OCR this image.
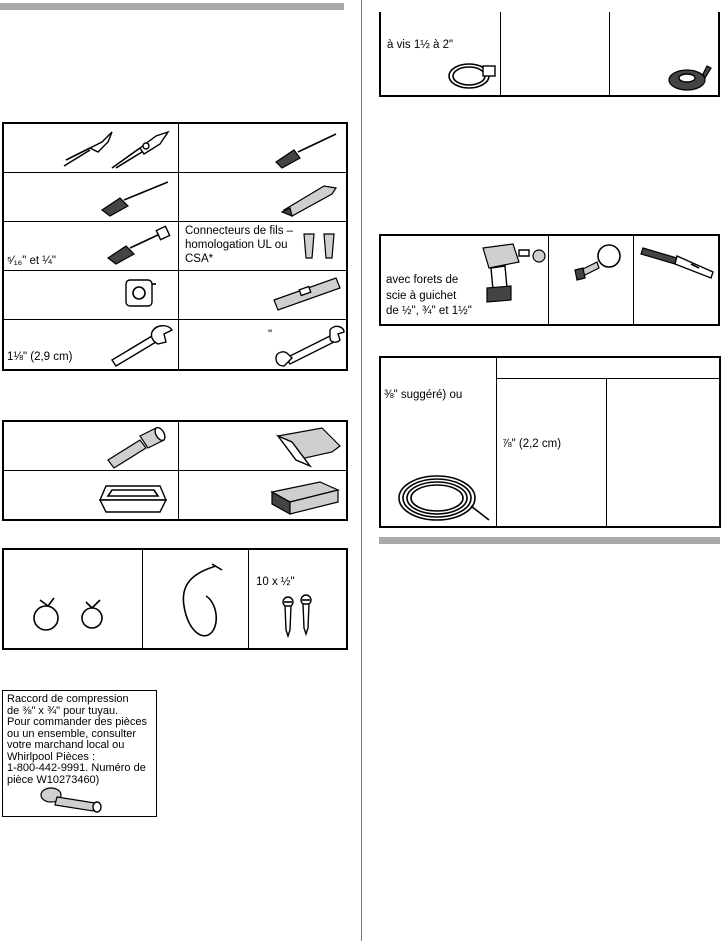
⁵⁄₁₆" et ¼"
Connecteurs de fils – homologation UL ou CSA*
1⅛" (2,9 cm)
"
10 x ½"
Raccord de compression
de ⅜" x ¾" pour tuyau.
Pour commander des pièces
ou un ensemble, consulter
votre marchand local ou
Whirlpool Pièces :
1-800-442-9991. Numéro de
pièce W10273460)
à vis 1½ à 2"
avec forets de
scie à guichet
de ½", ¾" et 1½"
⅜" suggéré) ou
⅞" (2,2 cm)
